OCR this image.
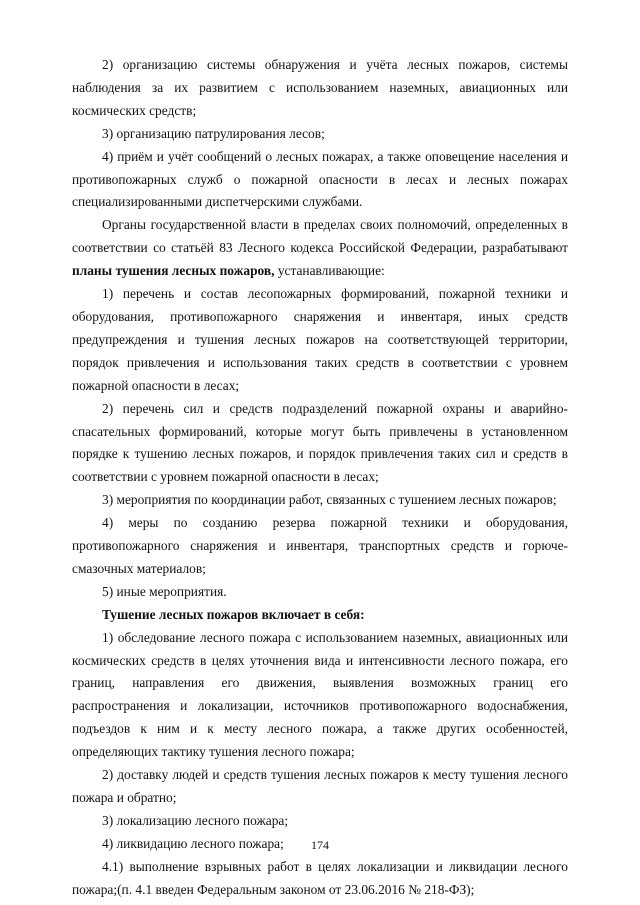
2) организацию системы обнаружения и учёта лесных пожаров, системы наблюдения за их развитием с использованием наземных, авиационных или космических средств;

3) организацию патрулирования лесов;

4) приём и учёт сообщений о лесных пожарах, а также оповещение населения и противопожарных служб о пожарной опасности в лесах и лесных пожарах специализированными диспетчерскими службами.

Органы государственной власти в пределах своих полномочий, определенных в соответствии со статьёй 83 Лесного кодекса Российской Федерации, разрабатывают планы тушения лесных пожаров, устанавливающие:

1) перечень и состав лесопожарных формирований, пожарной техники и оборудования, противопожарного снаряжения и инвентаря, иных средств предупреждения и тушения лесных пожаров на соответствующей территории, порядок привлечения и использования таких средств в соответствии с уровнем пожарной опасности в лесах;

2) перечень сил и средств подразделений пожарной охраны и аварийно-спасательных формирований, которые могут быть привлечены в установленном порядке к тушению лесных пожаров, и порядок привлечения таких сил и средств в соответствии с уровнем пожарной опасности в лесах;

3) мероприятия по координации работ, связанных с тушением лесных пожаров;

4) меры по созданию резерва пожарной техники и оборудования, противопожарного снаряжения и инвентаря, транспортных средств и горюче-смазочных материалов;

5) иные мероприятия.

Тушение лесных пожаров включает в себя:

1) обследование лесного пожара с использованием наземных, авиационных или космических средств в целях уточнения вида и интенсивности лесного пожара, его границ, направления его движения, выявления возможных границ его распространения и локализации, источников противопожарного водоснабжения, подъездов к ним и к месту лесного пожара, а также других особенностей, определяющих тактику тушения лесного пожара;

2) доставку людей и средств тушения лесных пожаров к месту тушения лесного пожара и обратно;

3) локализацию лесного пожара;

4) ликвидацию лесного пожара;

4.1) выполнение взрывных работ в целях локализации и ликвидации лесного пожара;(п. 4.1 введен Федеральным законом от 23.06.2016 № 218-ФЗ);

174
